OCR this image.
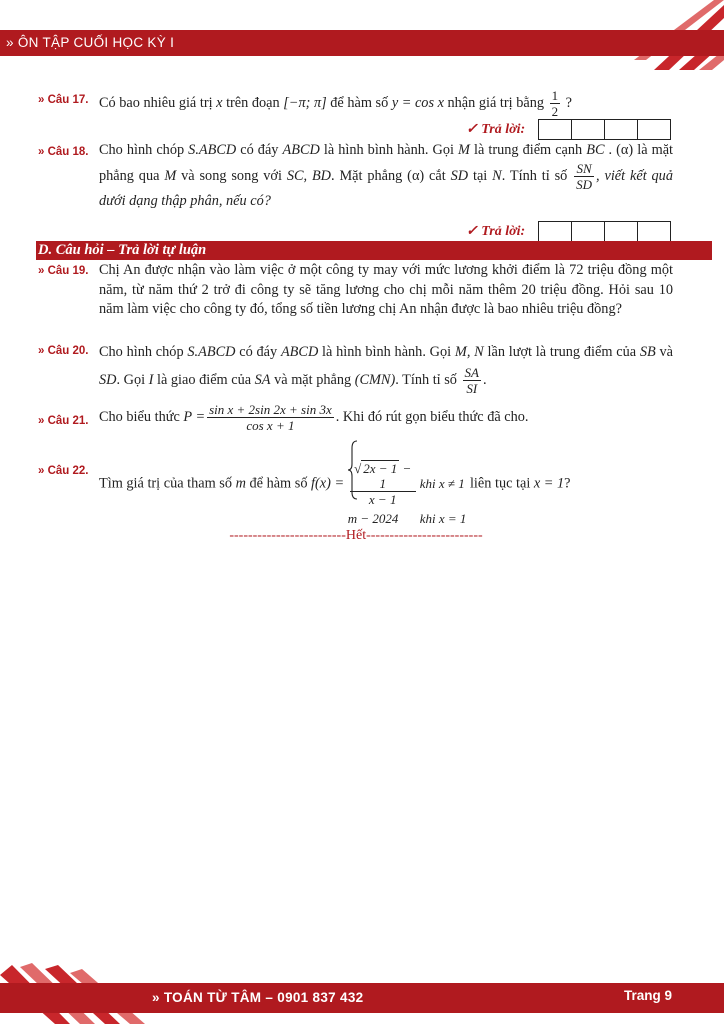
» ÔN TẬP CUỐI HỌC KỲ I
» Câu 17. Có bao nhiêu giá trị x trên đoạn [−π; π] để hàm số y = cos x nhận giá trị bằng $\frac{1}{2}$ ?
✓ Trả lời:
» Câu 18. Cho hình chóp S.ABCD có đáy ABCD là hình bình hành. Gọi M là trung điểm cạnh BC . (α) là mặt phẳng qua M và song song với SC, BD. Mặt phẳng (α) cắt SD tại N. Tính tỉ số $\frac{SN}{SD}$ , viết kết quả dưới dạng thập phân, nếu có?
✓ Trả lời:
D. Câu hỏi – Trả lời tự luận
» Câu 19. Chị An được nhận vào làm việc ở một công ty may với mức lương khởi điểm là 72 triệu đồng một năm, từ năm thứ 2 trở đi công ty sẽ tăng lương cho chị mỗi năm thêm 20 triệu đồng. Hỏi sau 10 năm làm việc cho công ty đó, tổng số tiền lương chị An nhận được là bao nhiêu triệu đồng?
» Câu 20. Cho hình chóp S.ABCD có đáy ABCD là hình bình hành. Gọi M, N lần lượt là trung điểm của SB và SD. Gọi I là giao điểm của SA và mặt phẳng (CMN). Tính tỉ số $\frac{SA}{SI}$ .
» Câu 21. Cho biểu thức $P = \frac{\text{sin x + 2sin 2x + sin 3x}}{\text{cos x + 1}}$ . Khi đó rút gọn biểu thức đã cho.
» Câu 22.
Tìm giá trị của tham số m để hàm số $f(x) = \frac{√ 2x - 1 - 1}{x - 1}$ khi x ≠ 1
m − 2024	khi x = 1
liên tục tại x = 1?
-------------------------Hết-------------------------
» TOÁN TỪ TÂM – 0901 837 432	Trang 9
